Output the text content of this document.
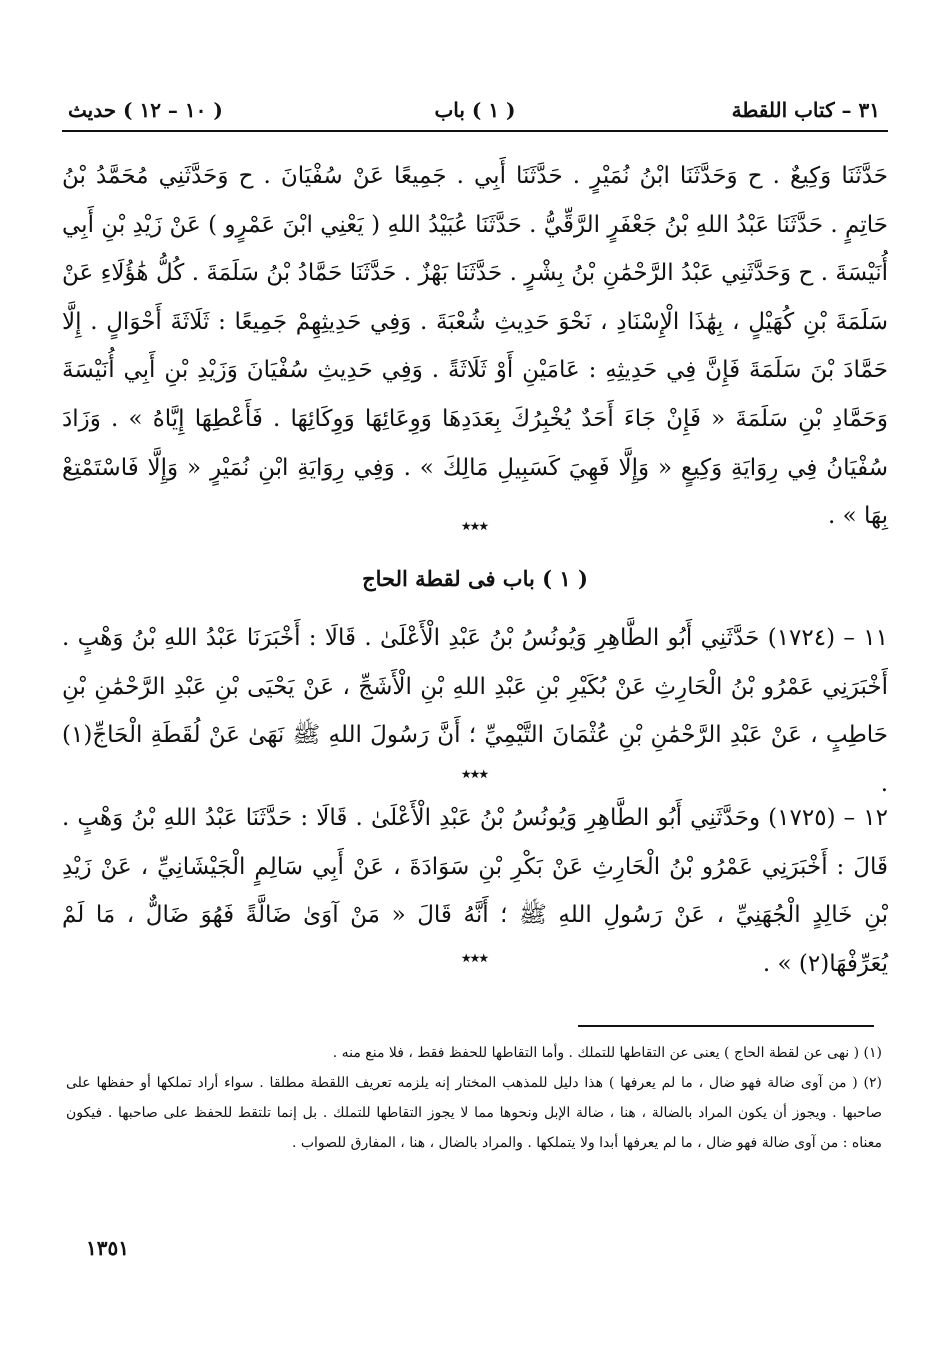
٣١ – كتاب اللقطة
( ١ ) باب
( ١٠ – ١٢ ) حديث
حَدَّثَنَا وَكِيعٌ . ح وَحَدَّثَنَا ابْنُ نُمَيْرٍ . حَدَّثَنَا أَبِي . جَمِيعًا عَنْ سُفْيَانَ . ح وَحَدَّثَنِي مُحَمَّدُ بْنُ حَاتِمٍ . حَدَّثَنَا عَبْدُ اللهِ بْنُ جَعْفَرٍ الرَّقِّيُّ . حَدَّثَنَا عُبَيْدُ اللهِ ( يَعْنِي ابْنَ عَمْرٍو ) عَنْ زَيْدِ بْنِ أَبِي أُنَيْسَةَ . ح وَحَدَّثَنِي عَبْدُ الرَّحْمَٰنِ بْنُ بِشْرٍ . حَدَّثَنَا بَهْزٌ . حَدَّثَنَا حَمَّادُ بْنُ سَلَمَةَ . كُلُّ هَٰؤُلَاءِ عَنْ سَلَمَةَ بْنِ كُهَيْلٍ ، بِهَٰذَا الْإِسْنَادِ ، نَحْوَ حَدِيثِ شُعْبَةَ . وَفِي حَدِيثِهِمْ جَمِيعًا : ثَلَاثَةَ أَحْوَالٍ . إِلَّا حَمَّادَ بْنَ سَلَمَةَ فَإِنَّ فِي حَدِيثِهِ : عَامَيْنِ أَوْ ثَلَاثَةً . وَفِي حَدِيثِ سُفْيَانَ وَزَيْدِ بْنِ أَبِي أُنَيْسَةَ وَحَمَّادِ بْنِ سَلَمَةَ « فَإِنْ جَاءَ أَحَدٌ يُخْبِرُكَ بِعَدَدِهَا وَوِعَائِهَا وَوِكَائِهَا . فَأَعْطِهَا إِيَّاهُ » . وَزَادَ سُفْيَانُ فِي رِوَايَةِ وَكِيعٍ « وَإِلَّا فَهِيَ كَسَبِيلِ مَالِكَ » . وَفِي رِوَايَةِ ابْنِ نُمَيْرٍ « وَإِلَّا فَاسْتَمْتِعْ بِهَا » .
٭٭٭
( ١ ) باب فى لقطة الحاج
١١ – (١٧٢٤) حَدَّثَنِي أَبُو الطَّاهِرِ وَيُونُسُ بْنُ عَبْدِ الْأَعْلَىٰ . قَالَا : أَخْبَرَنَا عَبْدُ اللهِ بْنُ وَهْبٍ . أَخْبَرَنِي عَمْرُو بْنُ الْحَارِثِ عَنْ بُكَيْرِ بْنِ عَبْدِ اللهِ بْنِ الْأَشَجِّ ، عَنْ يَحْيَى بْنِ عَبْدِ الرَّحْمَٰنِ بْنِ حَاطِبٍ ، عَنْ عَبْدِ الرَّحْمَٰنِ بْنِ عُثْمَانَ التَّيْمِيِّ ؛ أَنَّ رَسُولَ اللهِ ﷺ نَهَىٰ عَنْ لُقَطَةِ الْحَاجِّ(١) .
٭٭٭
١٢ – (١٧٢٥) وحَدَّثَنِي أَبُو الطَّاهِرِ وَيُونُسُ بْنُ عَبْدِ الْأَعْلَىٰ . قَالَا : حَدَّثَنَا عَبْدُ اللهِ بْنُ وَهْبٍ . قَالَ : أَخْبَرَنِي عَمْرُو بْنُ الْحَارِثِ عَنْ بَكْرِ بْنِ سَوَادَةَ ، عَنْ أَبِي سَالِمٍ الْجَيْشَانِيِّ ، عَنْ زَيْدِ بْنِ خَالِدٍ الْجُهَنِيِّ ، عَنْ رَسُولِ اللهِ ﷺ ؛ أَنَّهُ قَالَ « مَنْ آوَىٰ ضَالَّةً فَهُوَ ضَالٌّ ، مَا لَمْ يُعَرِّفْهَا(٢) » .
٭٭٭

(١) ( نهى عن لقطة الحاج ) يعنى عن التقاطها للتملك . وأما التقاطها للحفظ فقط ، فلا منع منه .

(٢) ( من آوى ضالة فهو ضال ، ما لم يعرفها ) هذا دليل للمذهب المختار إنه يلزمه تعريف اللقطة مطلقا . سواء أراد تملكها أو حفظها على صاحبها . ويجوز أن يكون المراد بالضالة ، هنا ، ضالة الإبل ونحوها مما لا يجوز التقاطها للتملك . بل إنما تلتقط للحفظ على صاحبها . فيكون معناه : من آوى ضالة فهو ضال ، ما لم يعرفها أبدا ولا يتملكها . والمراد بالضال ، هنا ، المفارق للصواب .

١٣٥١
